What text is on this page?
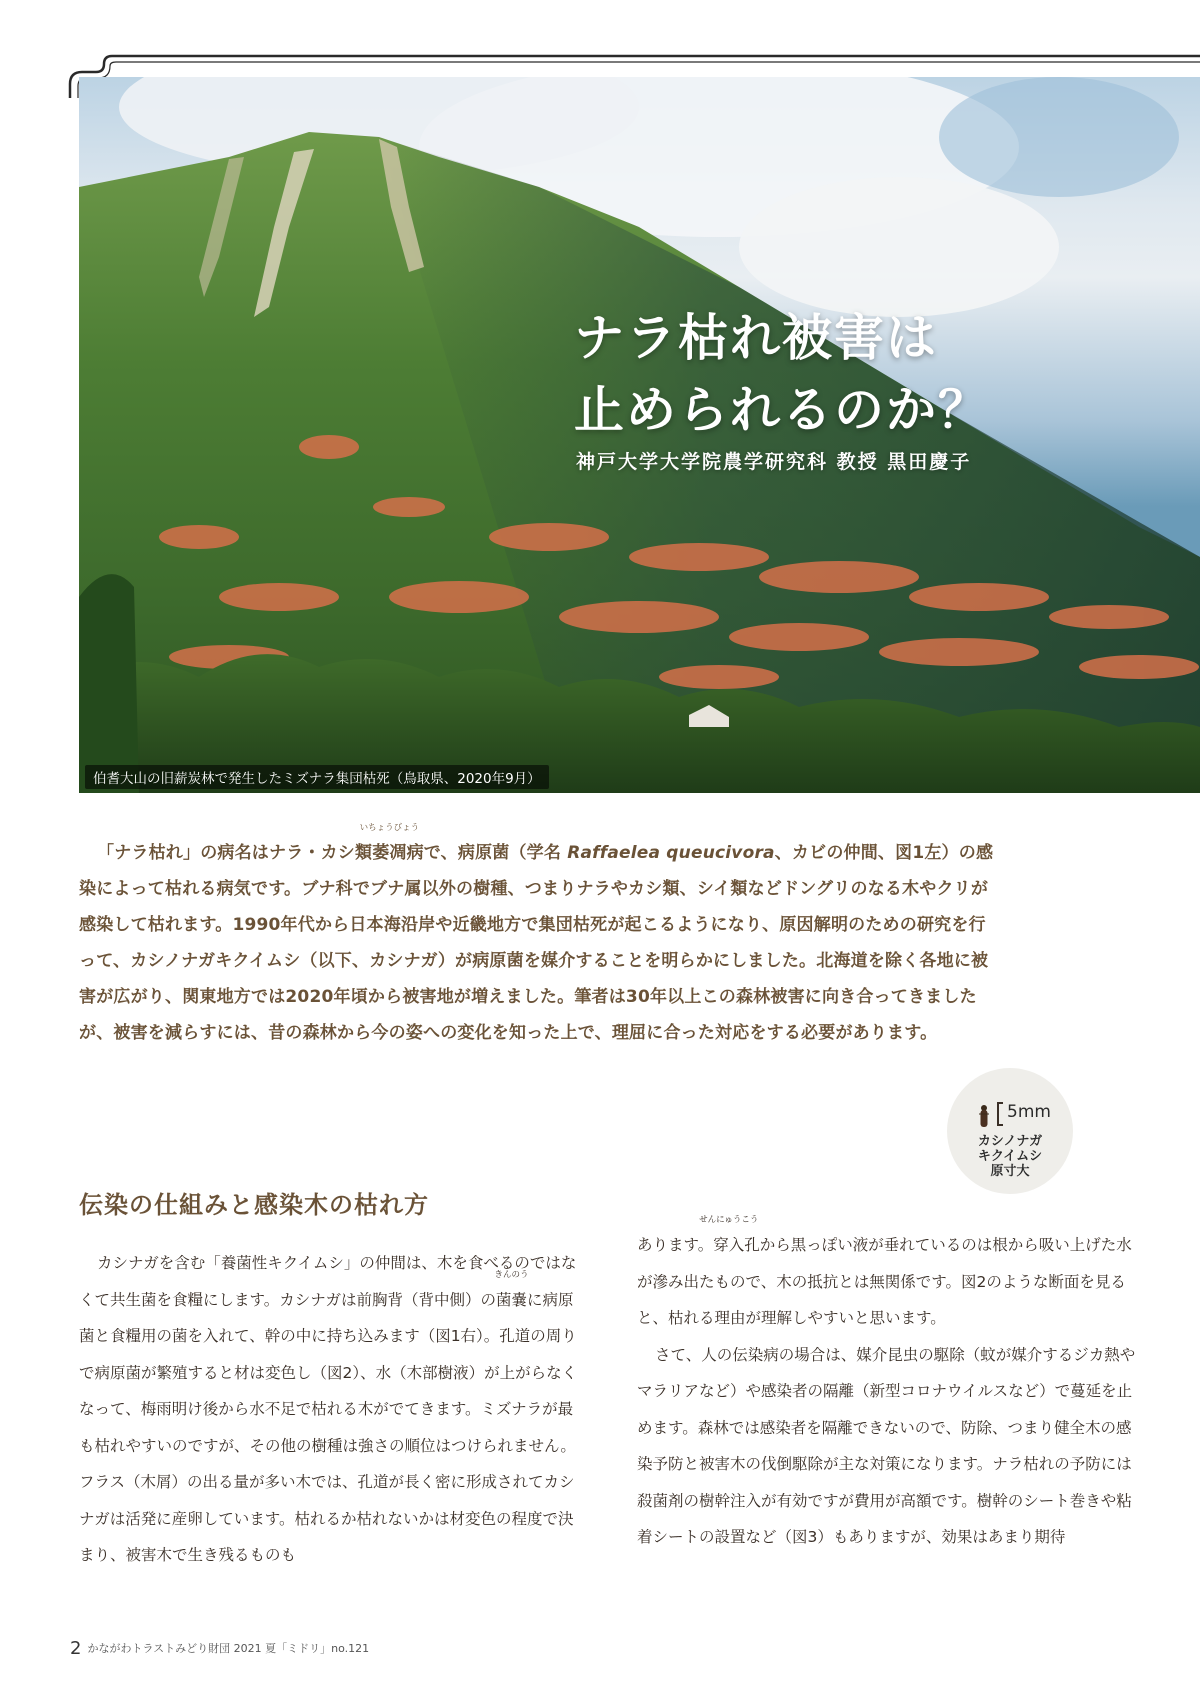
ナラ枯れ被害は
止められるのか？

神戸大学大学院農学研究科 教授 黒田慶子

伯耆大山の旧薪炭林で発生したミズナラ集団枯死（鳥取県、2020年9月）

「ナラ枯れ」の病名はナラ・カシ類
いちょうびょう
萎凋病で、病原菌（学名 Raffaelea queucivora、カビの仲間、図1左）の感染によって枯れる病気です。ブナ科でブナ属以外の樹種、つまりナラやカシ類、シイ類などドングリのなる木やクリが感染して枯れます。1990年代から日本海沿岸や近畿地方で集団枯死が起こるようになり、原因解明のための研究を行って、カシノナガキクイムシ（以下、カシナガ）が病原菌を媒介することを明らかにしました。北海道を除く各地に被害が広がり、関東地方では2020年頃から被害地が増えました。筆者は30年以上この森林被害に向き合ってきましたが、被害を減らすには、昔の森林から今の姿への変化を知った上で、理屈に合った対応をする必要があります。

5mm
カシノナガ
キクイムシ
原寸大
伝染の仕組みと感染木の枯れ方

カシナガを含む「養菌性キクイムシ」の仲間は、木を食べるのではなくて共生菌を食糧にします。カシナガは前胸背（背中側）の
きんのう
菌嚢に病原菌と食糧用の菌を入れて、幹の中に持ち込みます（図1右）。孔道の周りで病原菌が繁殖すると材は変色し（図2）、水（木部樹液）が上がらなくなって、梅雨明け後から水不足で枯れる木がでてきます。ミズナラが最も枯れやすいのですが、その他の樹種は強さの順位はつけられません。フラス（木屑）の出る量が多い木では、孔道が長く密に形成されてカシナガは活発に産卵しています。枯れるか枯れないかは材変色の程度で決まり、被害木で生き残るものも

あります。
せんにゅうこう
穿入孔から黒っぽい液が垂れているのは根から吸い上げた水が滲み出たもので、木の抵抗とは無関係です。図2のような断面を見ると、枯れる理由が理解しやすいと思います。

さて、人の伝染病の場合は、媒介昆虫の駆除（蚊が媒介するジカ熱やマラリアなど）や感染者の隔離（新型コロナウイルスなど）で蔓延を止めます。森林では感染者を隔離できないので、防除、つまり健全木の感染予防と被害木の伐倒駆除が主な対策になります。ナラ枯れの予防には殺菌剤の樹幹注入が有効ですが費用が高額です。樹幹のシート巻きや粘着シートの設置など（図3）もありますが、効果はあまり期待

2 かながわトラストみどり財団 2021 夏「ミドリ」no.121
